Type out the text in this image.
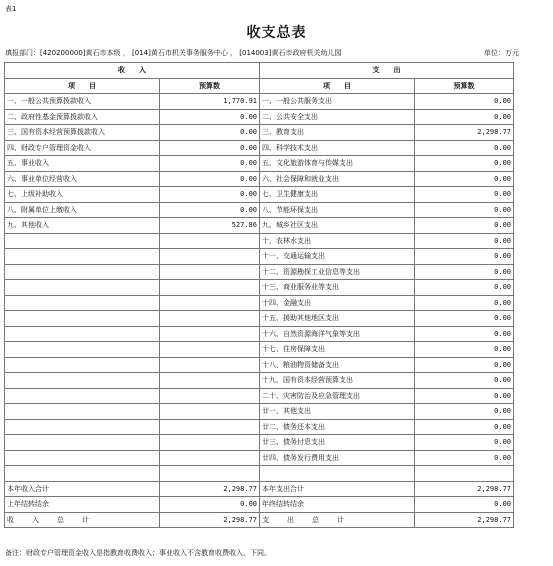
表1
收支总表
填报部门：[420200000]黄石市本级 ， [014]黄石市机关事务服务中心 ， [014003]黄石市政府机关幼儿园	单位：万元
收　　入		支　　出	
项　　目	预算数	项　　目	预算数
一、一般公共预算拨款收入	1,770.91	一、一般公共服务支出	0.00
二、政府性基金预算拨款收入	0.00	二、公共安全支出	0.00
三、国有资本经营预算拨款收入	0.00	三、教育支出	2,298.77
四、财政专户管理资金收入	0.00	四、科学技术支出	0.00
五、事业收入	0.00	五、文化旅游体育与传媒支出	0.00
六、事业单位经营收入	0.00	六、社会保障和就业支出	0.00
七、上级补助收入	0.00	七、卫生健康支出	0.00
八、附属单位上缴收入	0.00	八、节能环保支出	0.00
九、其他收入	527.86	九、城乡社区支出	0.00
		十、农林水支出	0.00
		十一、交通运输支出	0.00
		十二、资源勘探工业信息等支出	0.00
		十三、商业服务业等支出	0.00
		十四、金融支出	0.00
		十五、援助其他地区支出	0.00
		十六、自然资源海洋气象等支出	0.00
		十七、住房保障支出	0.00
		十八、粮油物资储备支出	0.00
		十九、国有资本经营预算支出	0.00
		二十、灾害防治及应急管理支出	0.00
		廿一、其他支出	0.00
		廿二、债务还本支出	0.00
		廿三、债务付息支出	0.00
		廿四、债务发行费用支出	0.00

本年收入合计	2,298.77	本年支出合计	2,298.77
上年结转结余	0.00	年终结转结余	0.00
收入总计	2,298.77	支出总计	2,298.77
备注：财政专户管理资金收入是指教育收费收入；事业收入不含教育收费收入，下同。
